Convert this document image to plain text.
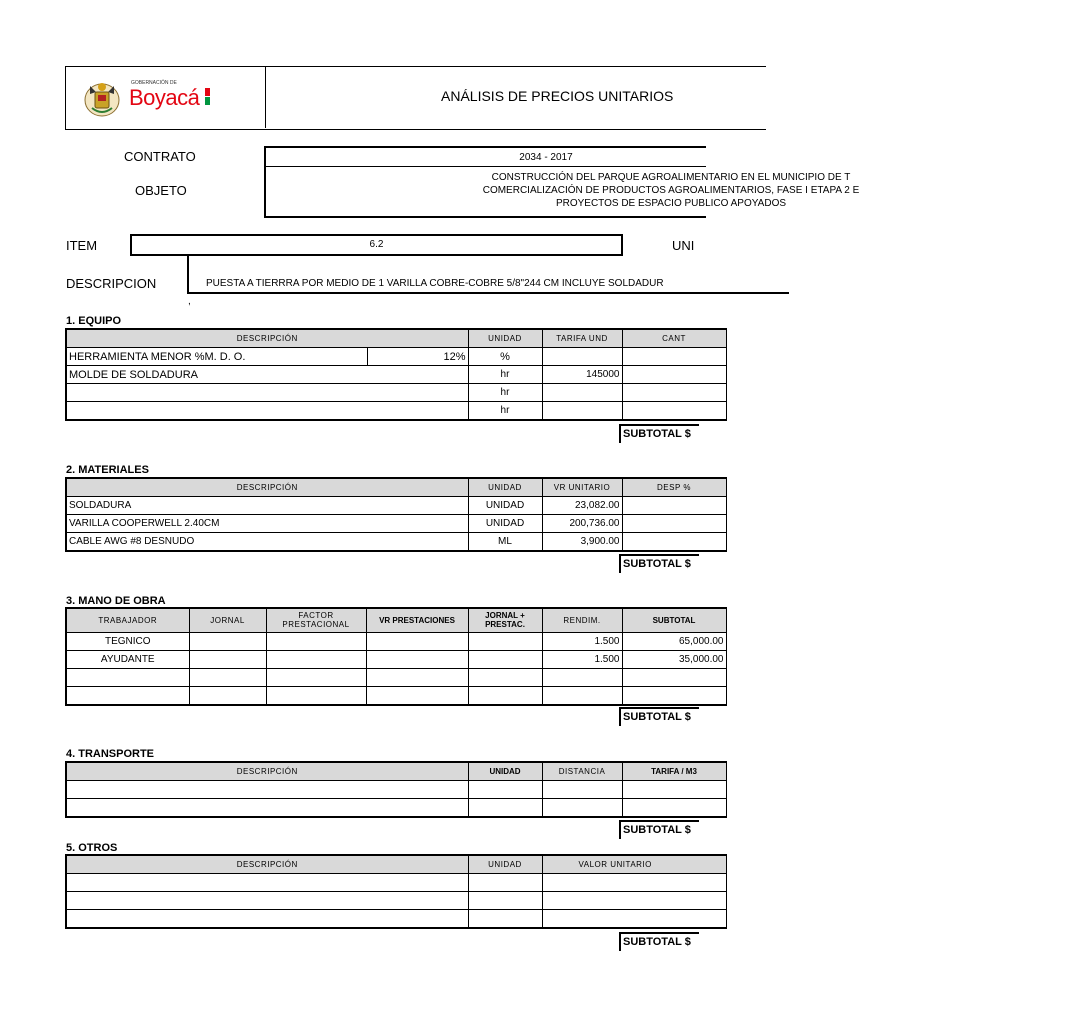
GOBERNACIÓN DE
Boyacá	ANÁLISIS DE PRECIOS UNITARIOS
CONTRATO
OBJETO
2034 - 2017
CONSTRUCCIÓN DEL PARQUE AGROALIMENTARIO EN EL MUNICIPIO DE T
COMERCIALIZACIÓN DE PRODUCTOS AGROALIMENTARIOS, FASE I ETAPA 2 E
PROYECTOS DE ESPACIO PUBLICO APOYADOS
ITEM	6.2	UNI
DESCRIPCION	PUESTA A TIERRRA POR MEDIO DE 1 VARILLA COBRE-COBRE 5/8"244 CM INCLUYE SOLDADUR
,
1. EQUIPO
DESCRIPCIÓN		UNIDAD	TARIFA UND	CANT
HERRAMIENTA MENOR %M. D. O.	12%	%		
MOLDE DE SOLDADURA		hr	145000	
		hr		
		hr		
SUBTOTAL $
2. MATERIALES
DESCRIPCIÓN	UNIDAD	VR UNITARIO	DESP %
SOLDADURA	UNIDAD	23,082.00	
VARILLA COOPERWELL 2.40CM	UNIDAD	200,736.00	
CABLE AWG #8 DESNUDO	ML	3,900.00	
SUBTOTAL $
3. MANO DE OBRA
TRABAJADOR	JORNAL	FACTOR PRESTACIONAL	VR PRESTACIONES	JORNAL + PRESTAC.	RENDIM.	SUBTOTAL
TEGNICO					1.500	65,000.00
AYUDANTE					1.500	35,000.00

SUBTOTAL $
4. TRANSPORTE
DESCRIPCIÓN	UNIDAD	DISTANCIA	TARIFA / M3

SUBTOTAL $
5. OTROS
DESCRIPCIÓN	UNIDAD	VALOR UNITARIO

SUBTOTAL $
